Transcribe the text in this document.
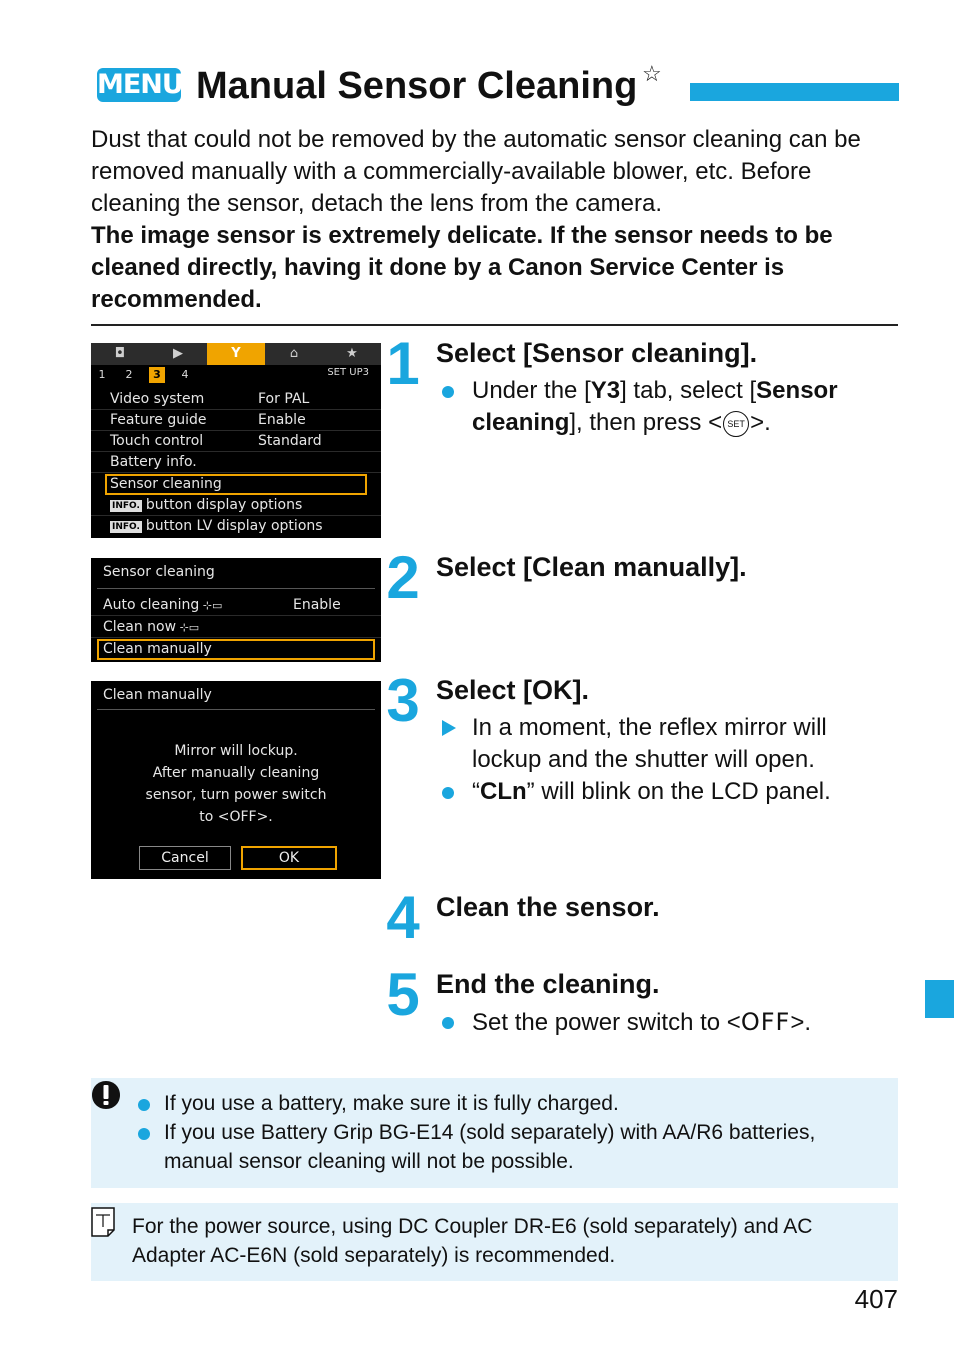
MENU Manual Sensor Cleaning ☆
Dust that could not be removed by the automatic sensor cleaning can be removed manually with a commercially-available blower, etc. Before cleaning the sensor, detach the lens from the camera.
The image sensor is extremely delicate. If the sensor needs to be cleaned directly, having it done by a Canon Service Center is recommended.
◘	▶	Y	⌂	★
1	2	3	4	SET UP3
Video system	For PAL
Feature guide	Enable
Touch control	Standard
Battery info.
Sensor cleaning
INFO. button display options
INFO. button LV display options
Sensor cleaning
Auto cleaning ⊹▭	Enable
Clean now ⊹▭
Clean manually
Clean manually
Mirror will lockup.
After manually cleaning
sensor, turn power switch
to <OFF>.
Cancel	OK
1 Select [Sensor cleaning].
Under the [Y3] tab, select [Sensor cleaning], then press < SET >.
2 Select [Clean manually].
3 Select [OK].
In a moment, the reflex mirror will lockup and the shutter will open.
“CLn” will blink on the LCD panel.
4 Clean the sensor.
5 End the cleaning.
Set the power switch to <OFF>.
If you use a battery, make sure it is fully charged.
If you use Battery Grip BG-E14 (sold separately) with AA/R6 batteries, manual sensor cleaning will not be possible.
For the power source, using DC Coupler DR-E6 (sold separately) and AC Adapter AC-E6N (sold separately) is recommended.
407
